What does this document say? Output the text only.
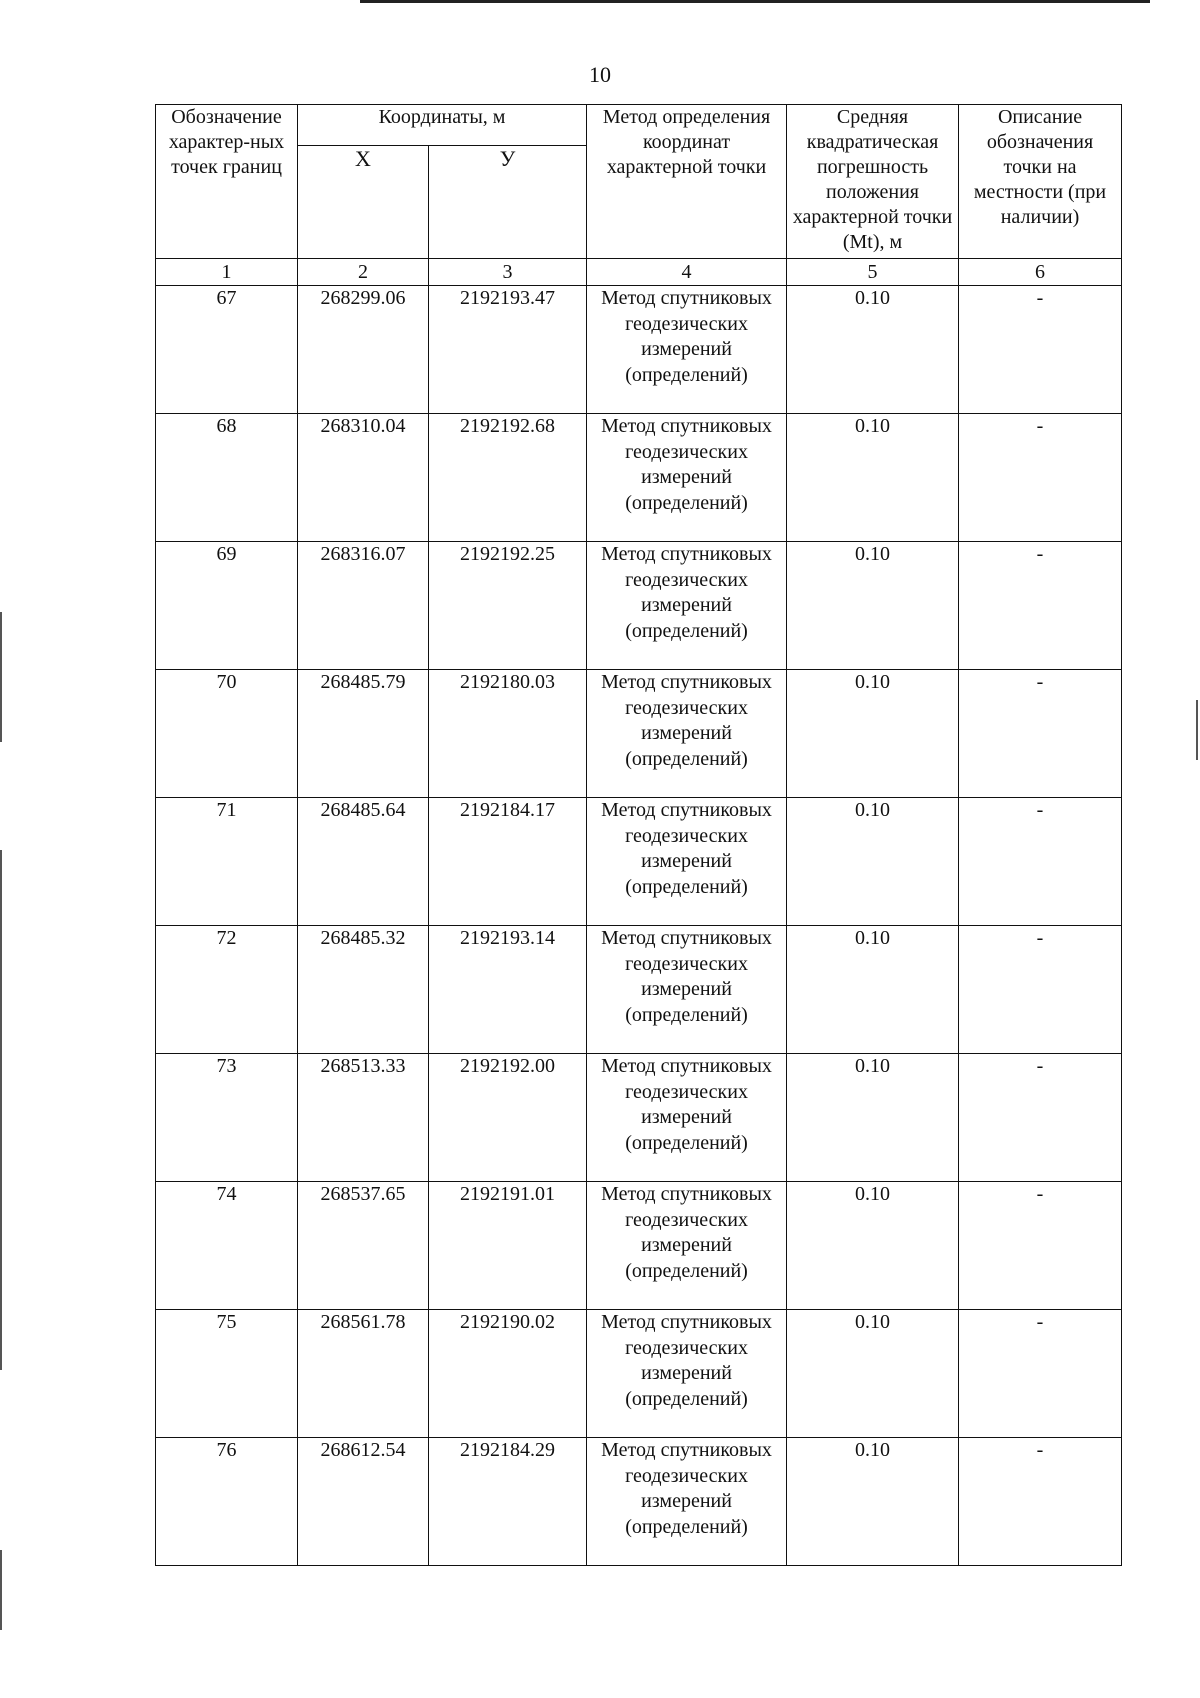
10
Обозначение характер-ных точек границ	Координаты, м		Метод определения координат характерной точки	Средняя квадратическая погрешность положения характерной точки (Mt), м	Описание обозначения точки на местности (при наличии)
	X	У			
1	2	3	4	5	6
67	268299.06	2192193.47	Метод спутниковых геодезических измерений (определений)	0.10	-
68	268310.04	2192192.68	Метод спутниковых геодезических измерений (определений)	0.10	-
69	268316.07	2192192.25	Метод спутниковых геодезических измерений (определений)	0.10	-
70	268485.79	2192180.03	Метод спутниковых геодезических измерений (определений)	0.10	-
71	268485.64	2192184.17	Метод спутниковых геодезических измерений (определений)	0.10	-
72	268485.32	2192193.14	Метод спутниковых геодезических измерений (определений)	0.10	-
73	268513.33	2192192.00	Метод спутниковых геодезических измерений (определений)	0.10	-
74	268537.65	2192191.01	Метод спутниковых геодезических измерений (определений)	0.10	-
75	268561.78	2192190.02	Метод спутниковых геодезических измерений (определений)	0.10	-
76	268612.54	2192184.29	Метод спутниковых геодезических измерений (определений)	0.10	-
